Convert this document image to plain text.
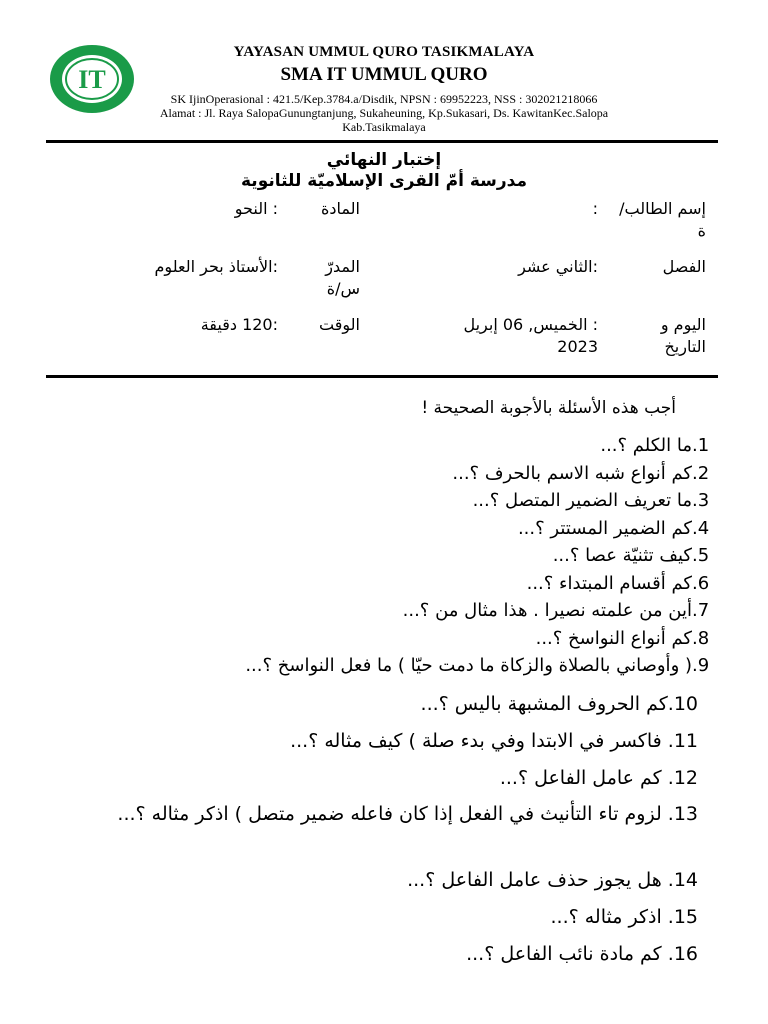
IT
YAYASAN UMMUL QURO TASIKMALAYA
SMA IT UMMUL QURO
SK IjinOperasional : 421.5/Kep.3784.a/Disdik, NPSN : 69952223, NSS : 302021218066
Alamat : Jl. Raya SalopaGunungtanjung, Sukaheuning, Kp.Sukasari, Ds. KawitanKec.Salopa
Kab.Tasikmalaya
إختبار النهائي
مدرسة أمّ القرى الإسلاميّة للثانوية
إسم الطالب/ة
:
المادة
: النحو
الفصل
:الثاني عشر
المدرّ س/ة
:الأستاذ بحر العلوم
اليوم و التاريخ
: الخميس, 06 إبريل 2023
الوقت
:120 دقيقة
أجب هذه الأسئلة بالأجوبة الصحيحة !
1.ما الكلم ؟...
2.كم أنواع شبه الاسم بالحرف ؟...
3.ما تعريف الضمير المتصل ؟...
4.كم الضمير المستتر ؟...
5.كيف تثنيّة عصا ؟...
6.كم أقسام المبتداء ؟...
7.أين من علمته نصيرا . هذا مثال من ؟...
8.كم أنواع النواسخ ؟...
9.( وأوصاني بالصلاة والزكاة ما دمت حيّا ) ما فعل النواسخ ؟...
10.كم الحروف المشبهة باليس ؟...
11. فاكسر في الابتدا وفي بدء صلة ) كيف مثاله ؟...
12. كم عامل الفاعل ؟...
13. لزوم تاء التأنيث في الفعل إذا كان فاعله ضمير متصل ) اذكر مثاله ؟...
14. هل يجوز حذف عامل الفاعل ؟...
15. اذكر مثاله ؟...
16. كم مادة نائب الفاعل ؟...
